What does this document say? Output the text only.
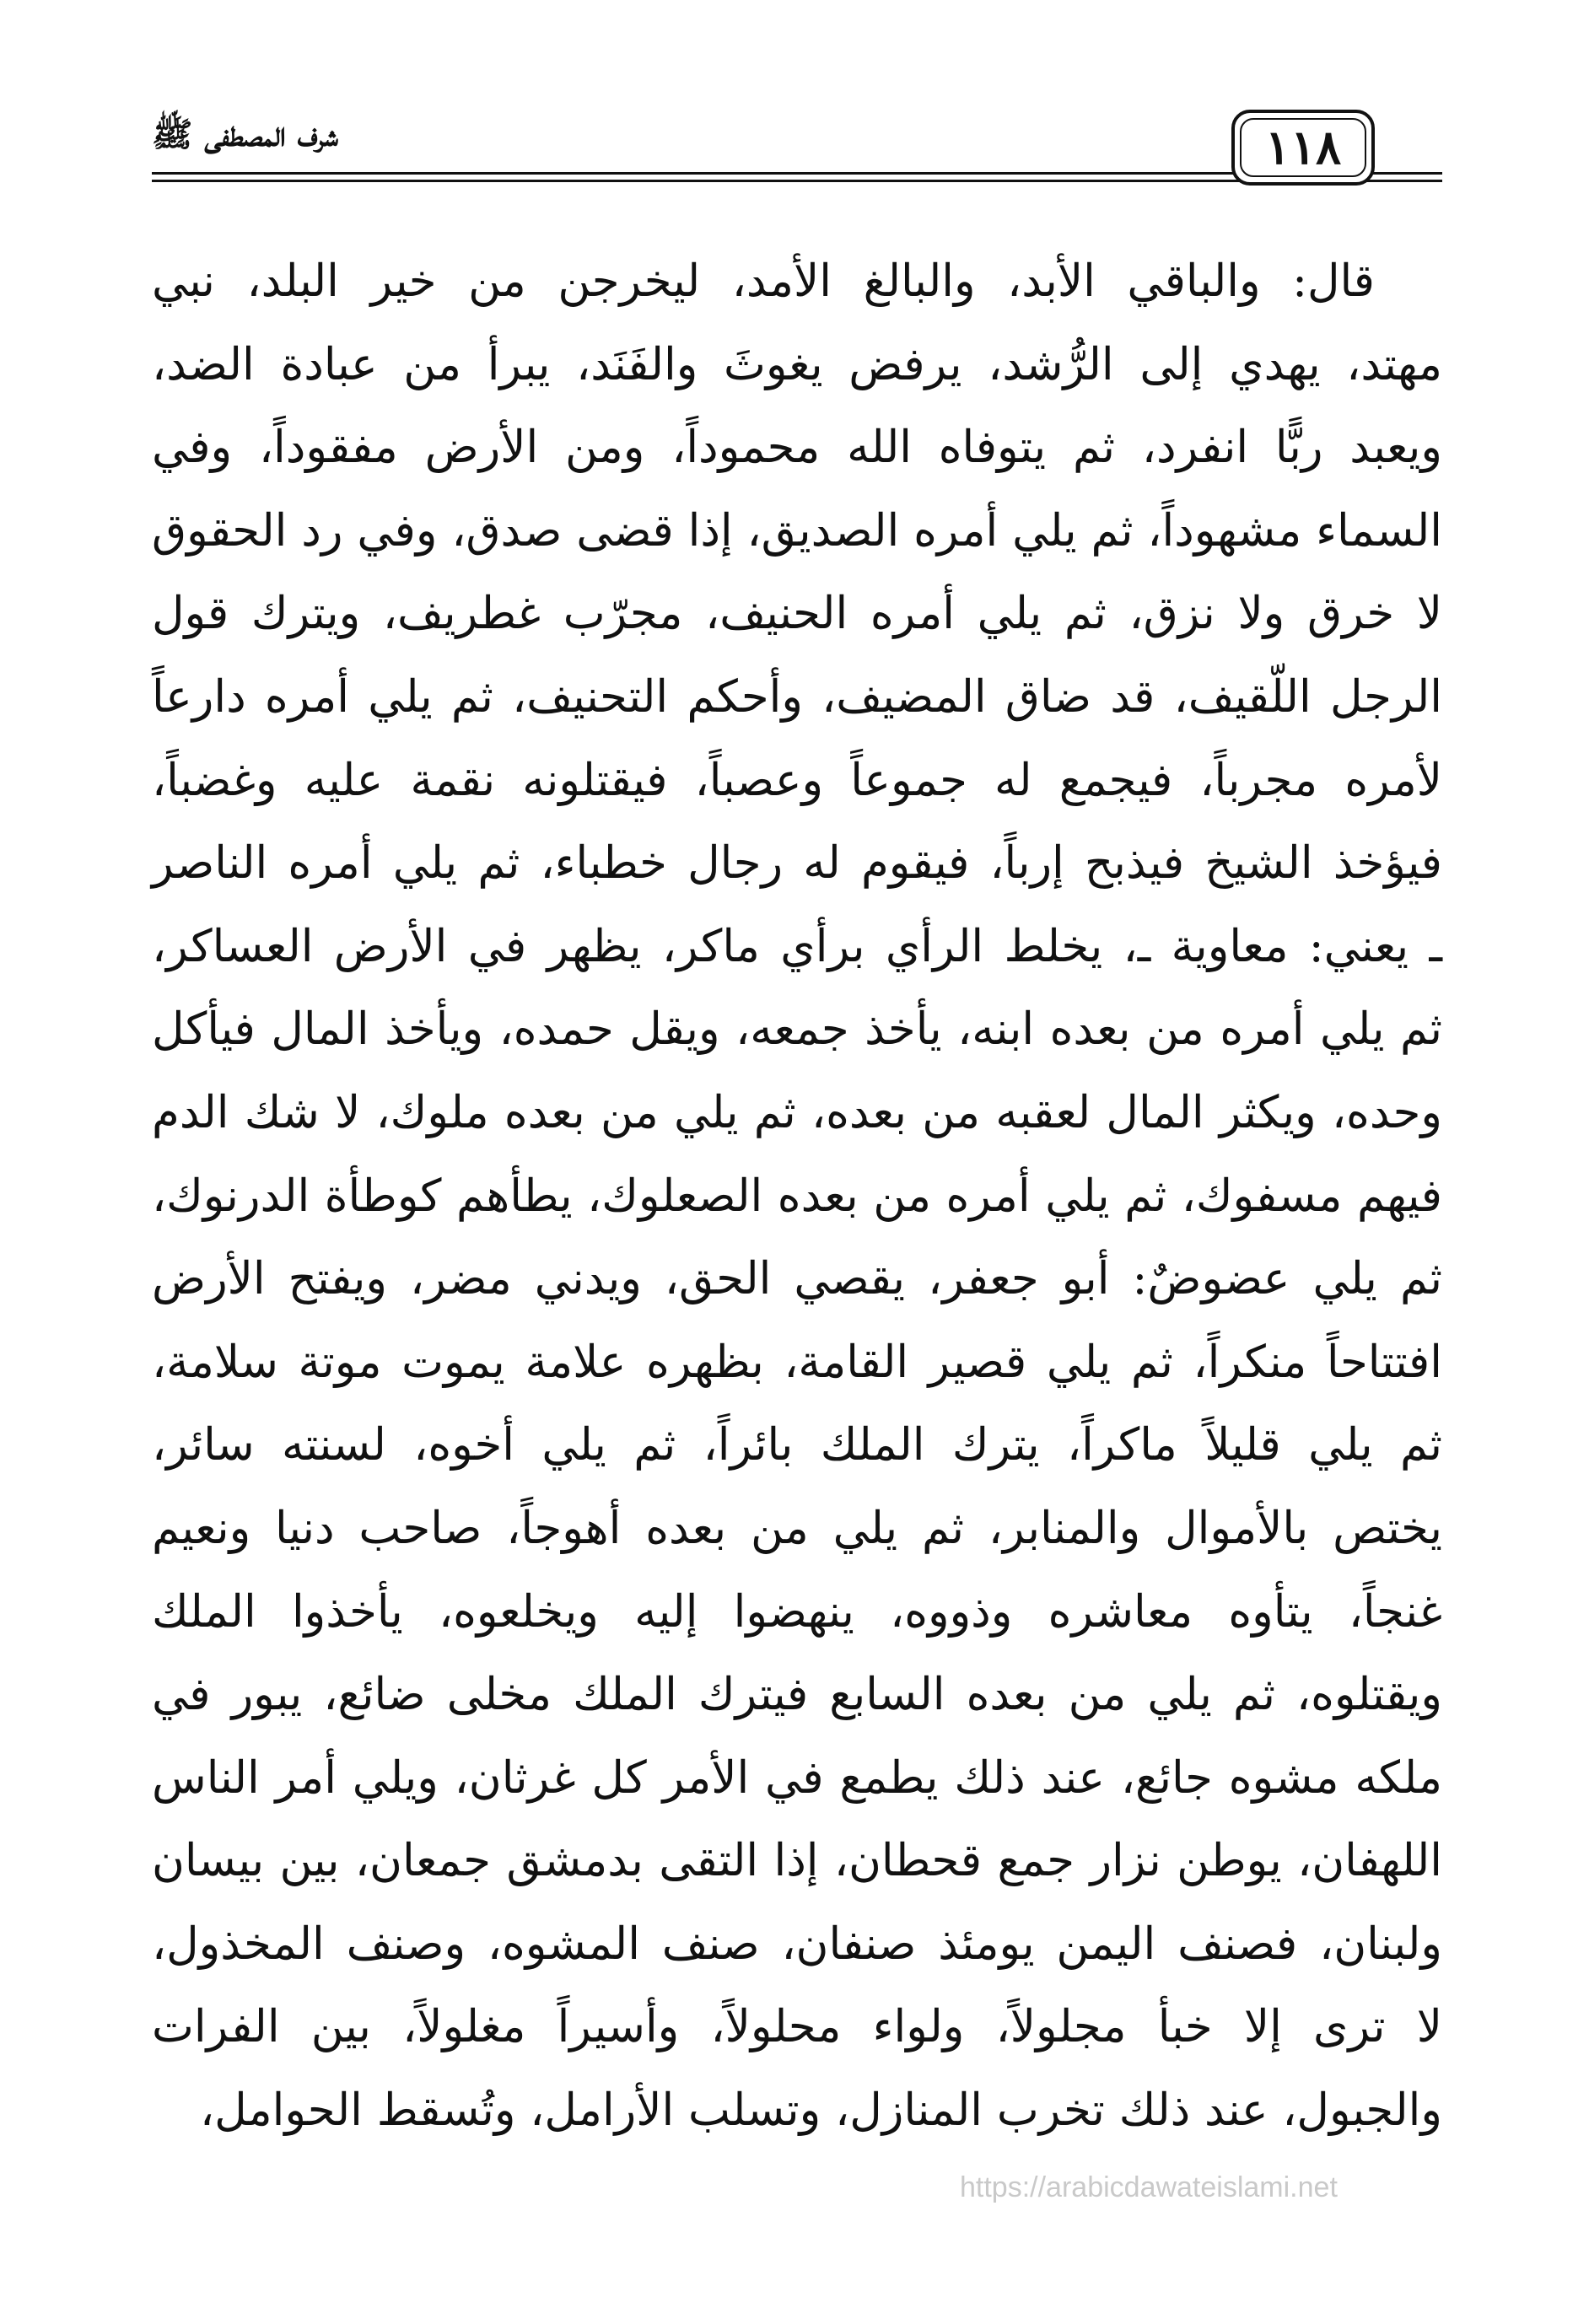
شرف المصطفى ﷺ	١١٨
قال: والباقي الأبد، والبالغ الأمد، ليخرجن من خير البلد، نبي
مهتد، يهدي إلى الرُّشد، يرفض يغوثَ والفَنَد، يبرأ من عبادة الضد،
ويعبد ربًّا انفرد، ثم يتوفاه الله محموداً، ومن الأرض مفقوداً، وفي
السماء مشهوداً، ثم يلي أمره الصديق، إذا قضى صدق، وفي رد الحقوق
لا خرق ولا نزق، ثم يلي أمره الحنيف، مجرّب غطريف، ويترك قول
الرجل اللّقيف، قد ضاق المضيف، وأحكم التحنيف، ثم يلي أمره دارعاً
لأمره مجرباً، فيجمع له جموعاً وعصباً، فيقتلونه نقمة عليه وغضباً،
فيؤخذ الشيخ فيذبح إرباً، فيقوم له رجال خطباء، ثم يلي أمره الناصر
ـ يعني: معاوية ـ، يخلط الرأي برأي ماكر، يظهر في الأرض العساكر،
ثم يلي أمره من بعده ابنه، يأخذ جمعه، ويقل حمده، ويأخذ المال فيأكل
وحده، ويكثر المال لعقبه من بعده، ثم يلي من بعده ملوك، لا شك الدم
فيهم مسفوك، ثم يلي أمره من بعده الصعلوك، يطأهم كوطأة الدرنوك،
ثم يلي عضوضٌ: أبو جعفر، يقصي الحق، ويدني مضر، ويفتح الأرض
افتتاحاً منكراً، ثم يلي قصير القامة، بظهره علامة يموت موتة سلامة،
ثم يلي قليلاً ماكراً، يترك الملك بائراً، ثم يلي أخوه، لسنته سائر،
يختص بالأموال والمنابر، ثم يلي من بعده أهوجاً، صاحب دنيا ونعيم
غنجاً، يتأوه معاشره وذووه، ينهضوا إليه ويخلعوه، يأخذوا الملك
ويقتلوه، ثم يلي من بعده السابع فيترك الملك مخلى ضائع، يبور في
ملكه مشوه جائع، عند ذلك يطمع في الأمر كل غرثان، ويلي أمر الناس
اللهفان، يوطن نزار جمع قحطان، إذا التقى بدمشق جمعان، بين بيسان
ولبنان، فصنف اليمن يومئذ صنفان، صنف المشوه، وصنف المخذول،
لا ترى إلا خبأ مجلولاً، ولواء محلولاً، وأسيراً مغلولاً، بين الفرات
والجبول، عند ذلك تخرب المنازل، وتسلب الأرامل، وتُسقط الحوامل،
https://arabicdawateislami.net
